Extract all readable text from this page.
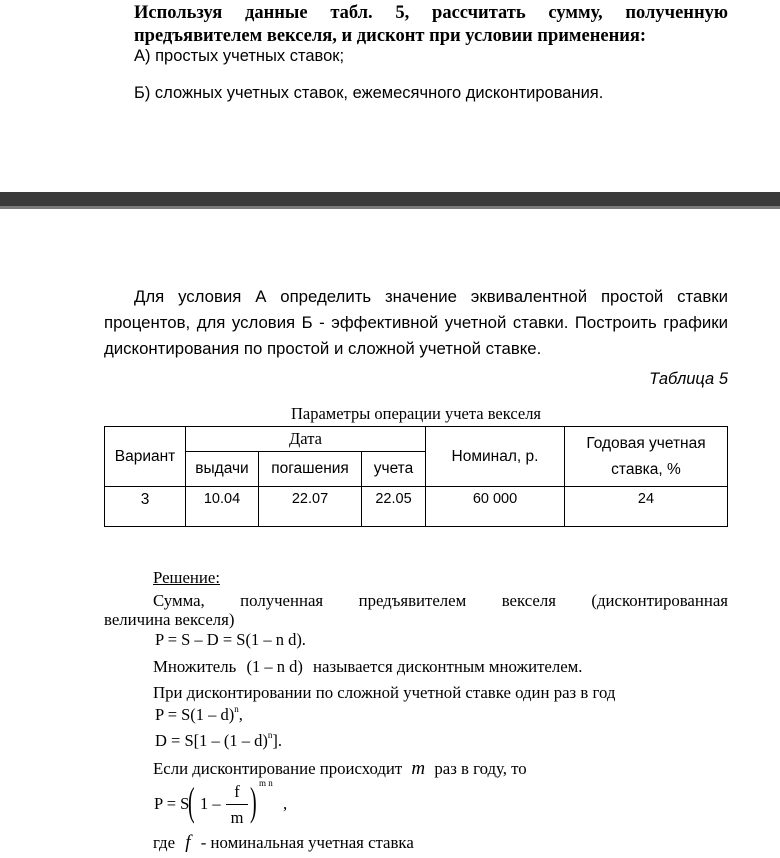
Используя данные табл. 5, рассчитать сумму, полученную
предъявителем векселя, и дисконт при условии применения:
А) простых учетных ставок;
Б) сложных учетных ставок, ежемесячного дисконтирования.
Для условия А определить значение эквивалентной простой ставки
процентов, для условия Б - эффективной учетной ставки. Построить графики
дисконтирования по простой и сложной учетной ставке.
Таблица 5
Параметры операции учета векселя
Вариант	Дата			Номинал, р.	Годовая учетная
ставка, %

	выдачи	погашения	учета		
3	10.04	22.07	22.05	60 000	24
Решение:
Сумма, полученная предъявителем векселя (дисконтированная
величина векселя)
P = S – D = S(1 – n d).
Множитель (1 – n d) называется дисконтным множителем.
При дисконтировании по сложной учетной ставке один раз в год
P = S(1 – d)$^n$,
D = S[1 – (1 – d)$^n$].
Если дисконтирование происходит m раз в году, то
P = S
( 1 –
f
m ) m n
,
где f - номинальная учетная ставка
